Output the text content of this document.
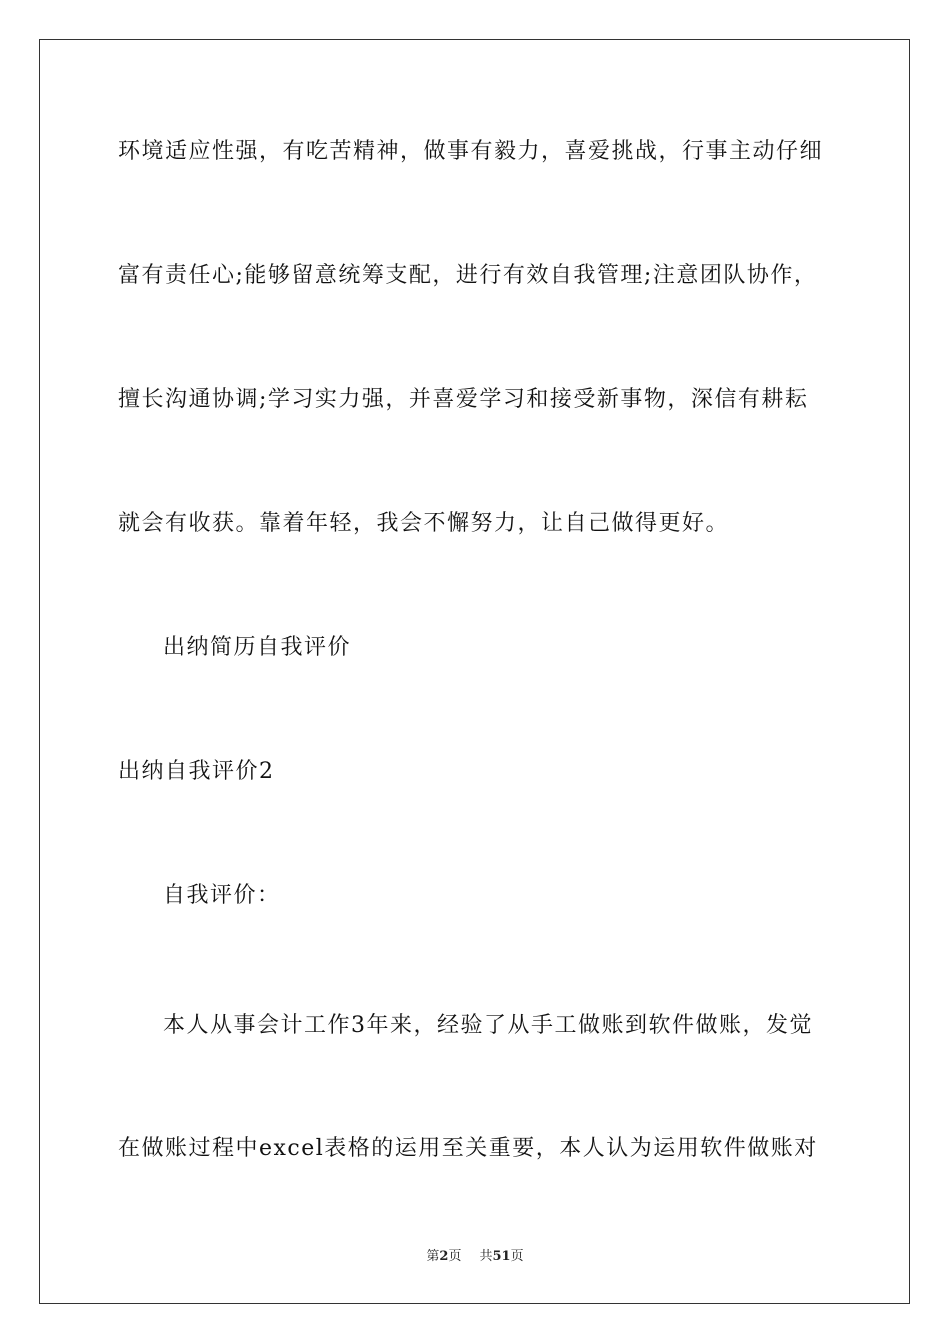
环境适应性强，有吃苦精神，做事有毅力，喜爱挑战，行事主动仔细
富有责任心;能够留意统筹支配，进行有效自我管理;注意团队协作，
擅长沟通协调;学习实力强，并喜爱学习和接受新事物，深信有耕耘
就会有收获。靠着年轻，我会不懈努力，让自己做得更好。
出纳简历自我评价
出纳自我评价2
自我评价：
本人从事会计工作3年来，经验了从手工做账到软件做账，发觉
在做账过程中excel表格的运用至关重要，本人认为运用软件做账对
第2页 共51页
